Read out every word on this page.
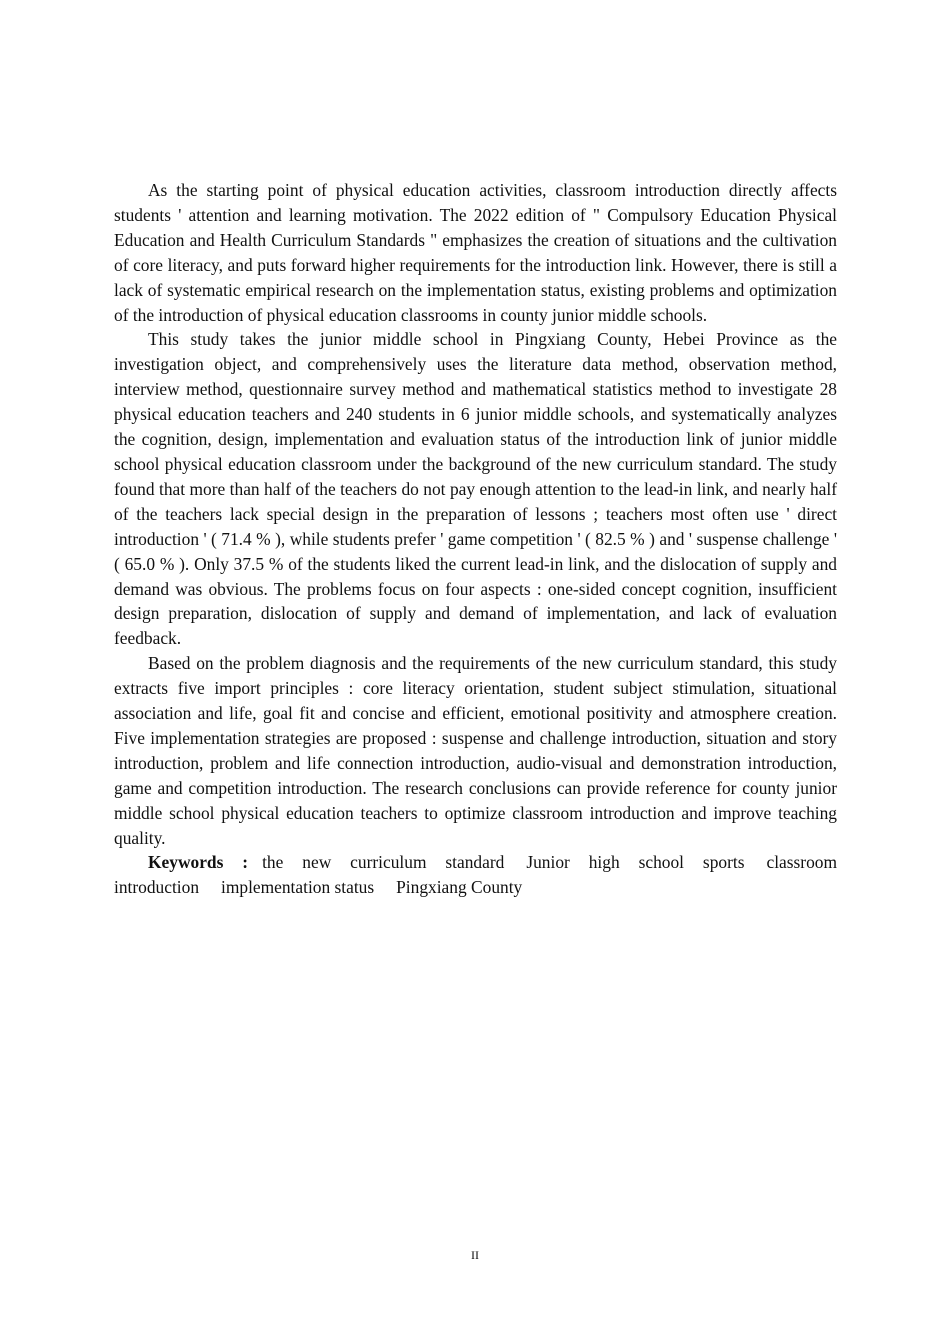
As the starting point of physical education activities, classroom introduction directly affects students ' attention and learning motivation. The 2022 edition of " Compulsory Education Physical Education and Health Curriculum Standards " emphasizes the creation of situations and the cultivation of core literacy, and puts forward higher requirements for the introduction link. However, there is still a lack of systematic empirical research on the implementation status, existing problems and optimization of the introduction of physical education classrooms in county junior middle schools.

This study takes the junior middle school in Pingxiang County, Hebei Province as the investigation object, and comprehensively uses the literature data method, observation method, interview method, questionnaire survey method and mathematical statistics method to investigate 28 physical education teachers and 240 students in 6 junior middle schools, and systematically analyzes the cognition, design, implementation and evaluation status of the introduction link of junior middle school physical education classroom under the background of the new curriculum standard. The study found that more than half of the teachers do not pay enough attention to the lead-in link, and nearly half of the teachers lack special design in the preparation of lessons ; teachers most often use ' direct introduction ' ( 71.4 % ), while students prefer ' game competition ' ( 82.5 % ) and ' suspense challenge ' ( 65.0 % ). Only 37.5 % of the students liked the current lead-in link, and the dislocation of supply and demand was obvious. The problems focus on four aspects : one-sided concept cognition, insufficient design preparation, dislocation of supply and demand of implementation, and lack of evaluation feedback.

Based on the problem diagnosis and the requirements of the new curriculum standard, this study extracts five import principles : core literacy orientation, student subject stimulation, situational association and life, goal fit and concise and efficient, emotional positivity and atmosphere creation. Five implementation strategies are proposed : suspense and challenge introduction, situation and story introduction, problem and life connection introduction, audio-visual and demonstration introduction, game and competition introduction. The research conclusions can provide reference for county junior middle school physical education teachers to optimize classroom introduction and improve teaching quality.

Keywords : the new curriculum standard Junior high school sports classroom introduction implementation status Pingxiang County

II
